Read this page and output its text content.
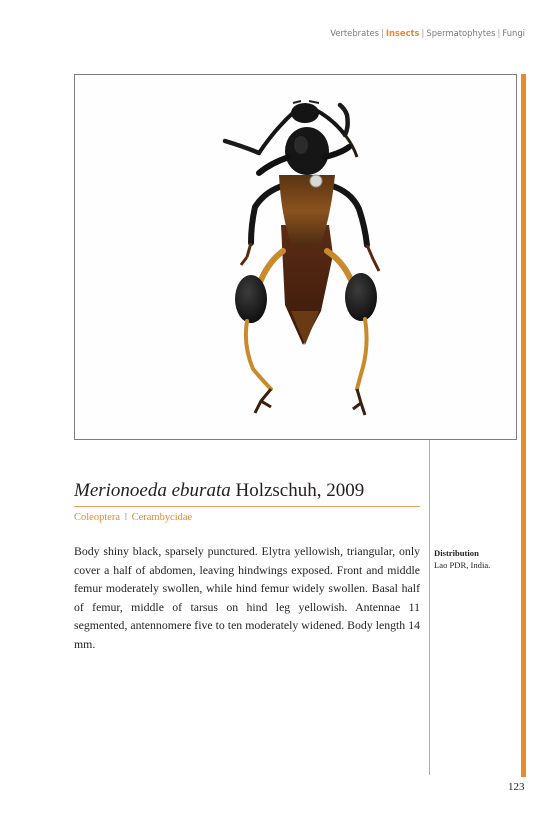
Vertebrates | Insects | Spermatophytes | Fungi
Merionoeda eburata Holzschuh, 2009
Coleoptera I Cerambycidae

Body shiny black, sparsely punctured. Elytra yellowish, triangular, only cover a half of abdomen, leaving hindwings exposed. Front and middle femur moderately swollen, while hind femur widely swollen. Basal half of femur, middle of tarsus on hind leg yellowish. Antennae 11 segmented, antennomere five to ten moderately widened. Body length 14 mm.

Distribution
Lao PDR, India.
123
